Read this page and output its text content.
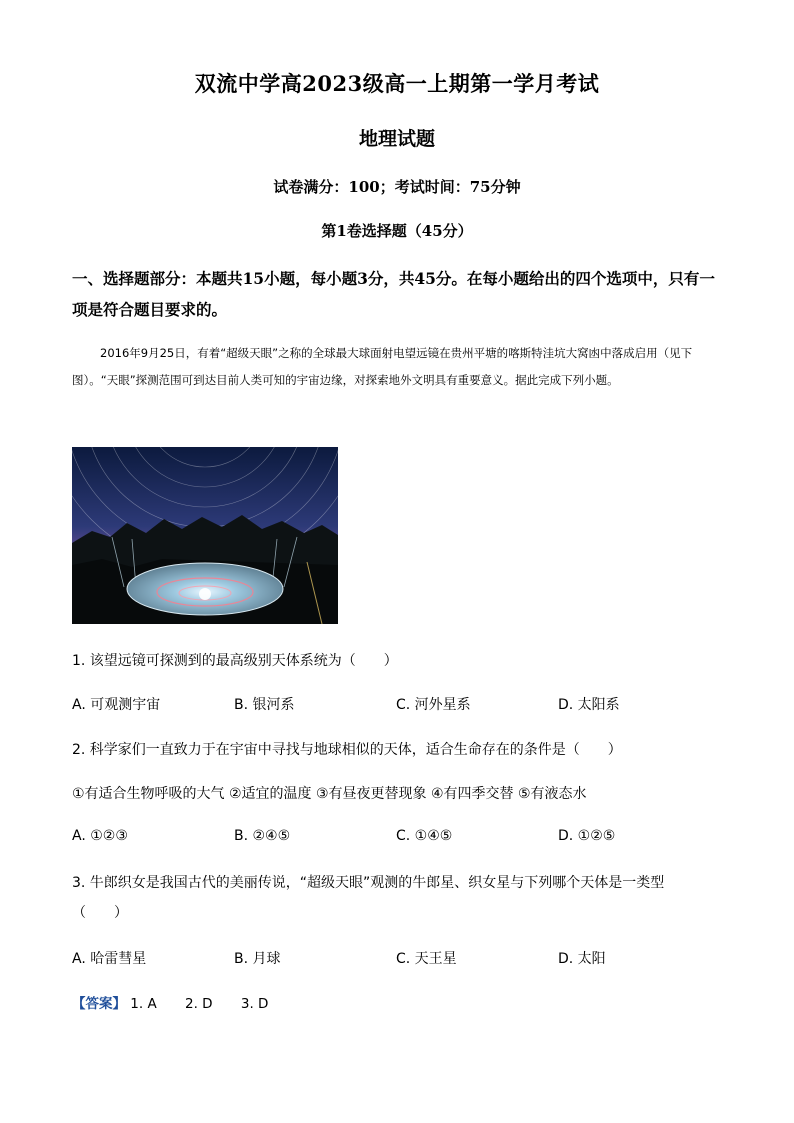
双流中学高2023级高一上期第一学月考试
地理试题
试卷满分：100；考试时间：75分钟
第1卷选择题（45分）
一、选择题部分：本题共15小题，每小题3分，共45分。在每小题给出的四个选项中，只有一项是符合题目要求的。
2016年9月25日，有着“超级天眼”之称的全球最大球面射电望远镜在贵州平塘的喀斯特洼坑大窝凼中落成启用（见下图）。“天眼”探测范围可到达目前人类可知的宇宙边缘，对探索地外文明具有重要意义。据此完成下列小题。
1. 该望远镜可探测到的最高级别天体系统为（　　）
A. 可观测宇宙	B. 银河系	C. 河外星系	D. 太阳系
2. 科学家们一直致力于在宇宙中寻找与地球相似的天体，适合生命存在的条件是（　　）
①有适合生物呼吸的大气 ②适宜的温度 ③有昼夜更替现象 ④有四季交替 ⑤有液态水
A. ①②③	B. ②④⑤	C. ①④⑤	D. ①②⑤
3. 牛郎织女是我国古代的美丽传说，“超级天眼”观测的牛郎星、织女星与下列哪个天体是一类型
（　　）
A. 哈雷彗星	B. 月球	C. 天王星	D. 太阳
【答案】 1. A 2. D 3. D
